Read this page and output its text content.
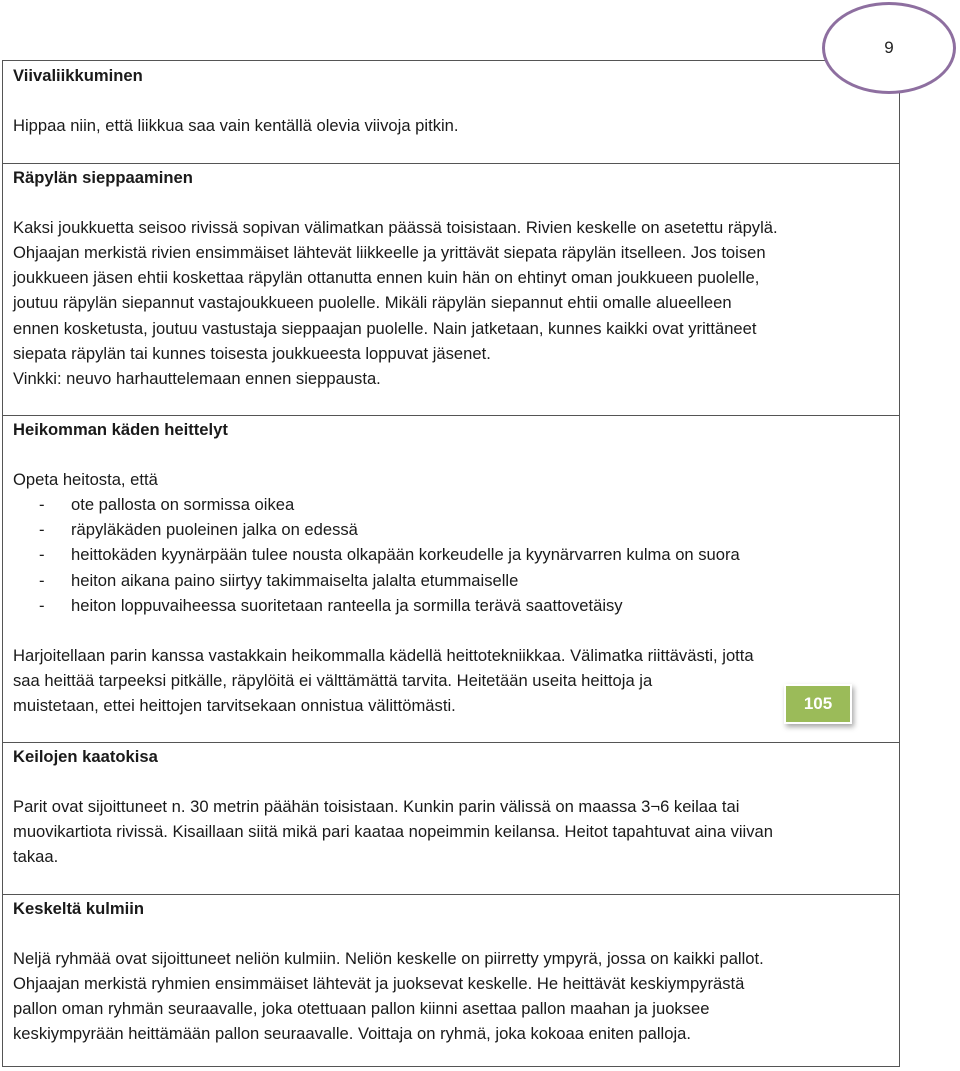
Viivaliikkuminen

Hippaa niin, että liikkua saa vain kentällä olevia viivoja pitkin.

Räpylän sieppaaminen

Kaksi joukkuetta seisoo rivissä sopivan välimatkan päässä toisistaan. Rivien keskelle on asetettu räpylä.

Ohjaajan merkistä rivien ensimmäiset lähtevät liikkeelle ja yrittävät siepata räpylän itselleen. Jos toisen

joukkueen jäsen ehtii koskettaa räpylän ottanutta ennen kuin hän on ehtinyt oman joukkueen puolelle,

joutuu räpylän siepannut vastajoukkueen puolelle. Mikäli räpylän siepannut ehtii omalle alueelleen

ennen kosketusta, joutuu vastustaja sieppaajan puolelle. Nain jatketaan, kunnes kaikki ovat yrittäneet

siepata räpylän tai kunnes toisesta joukkueesta loppuvat jäsenet.

Vinkki: neuvo harhauttelemaan ennen sieppausta.

Heikomman käden heittelyt

Opeta heitosta, että

- ote pallosta on sormissa oikea
- räpyläkäden puoleinen jalka on edessä
- heittokäden kyynärpään tulee nousta olkapään korkeudelle ja kyynärvarren kulma on suora
- heiton aikana paino siirtyy takimmaiselta jalalta etummaiselle
- heiton loppuvaiheessa suoritetaan ranteella ja sormilla terävä saattovetäisy

Harjoitellaan parin kanssa vastakkain heikommalla kädellä heittotekniikkaa. Välimatka riittävästi, jotta

saa heittää tarpeeksi pitkälle, räpylöitä ei välttämättä tarvita. Heitetään useita heittoja ja

muistetaan, ettei heittojen tarvitsekaan onnistua välittömästi.

Keilojen kaatokisa

Parit ovat sijoittuneet n. 30 metrin päähän toisistaan. Kunkin parin välissä on maassa 3¬6 keilaa tai

muovikartiota rivissä. Kisaillaan siitä mikä pari kaataa nopeimmin keilansa. Heitot tapahtuvat aina viivan

takaa.

Keskeltä kulmiin

Neljä ryhmää ovat sijoittuneet neliön kulmiin. Neliön keskelle on piirretty ympyrä, jossa on kaikki pallot.

Ohjaajan merkistä ryhmien ensimmäiset lähtevät ja juoksevat keskelle. He heittävät keskiympyrästä

pallon oman ryhmän seuraavalle, joka otettuaan pallon kiinni asettaa pallon maahan ja juoksee

keskiympyrään heittämään pallon seuraavalle. Voittaja on ryhmä, joka kokoaa eniten palloja.

9
105
